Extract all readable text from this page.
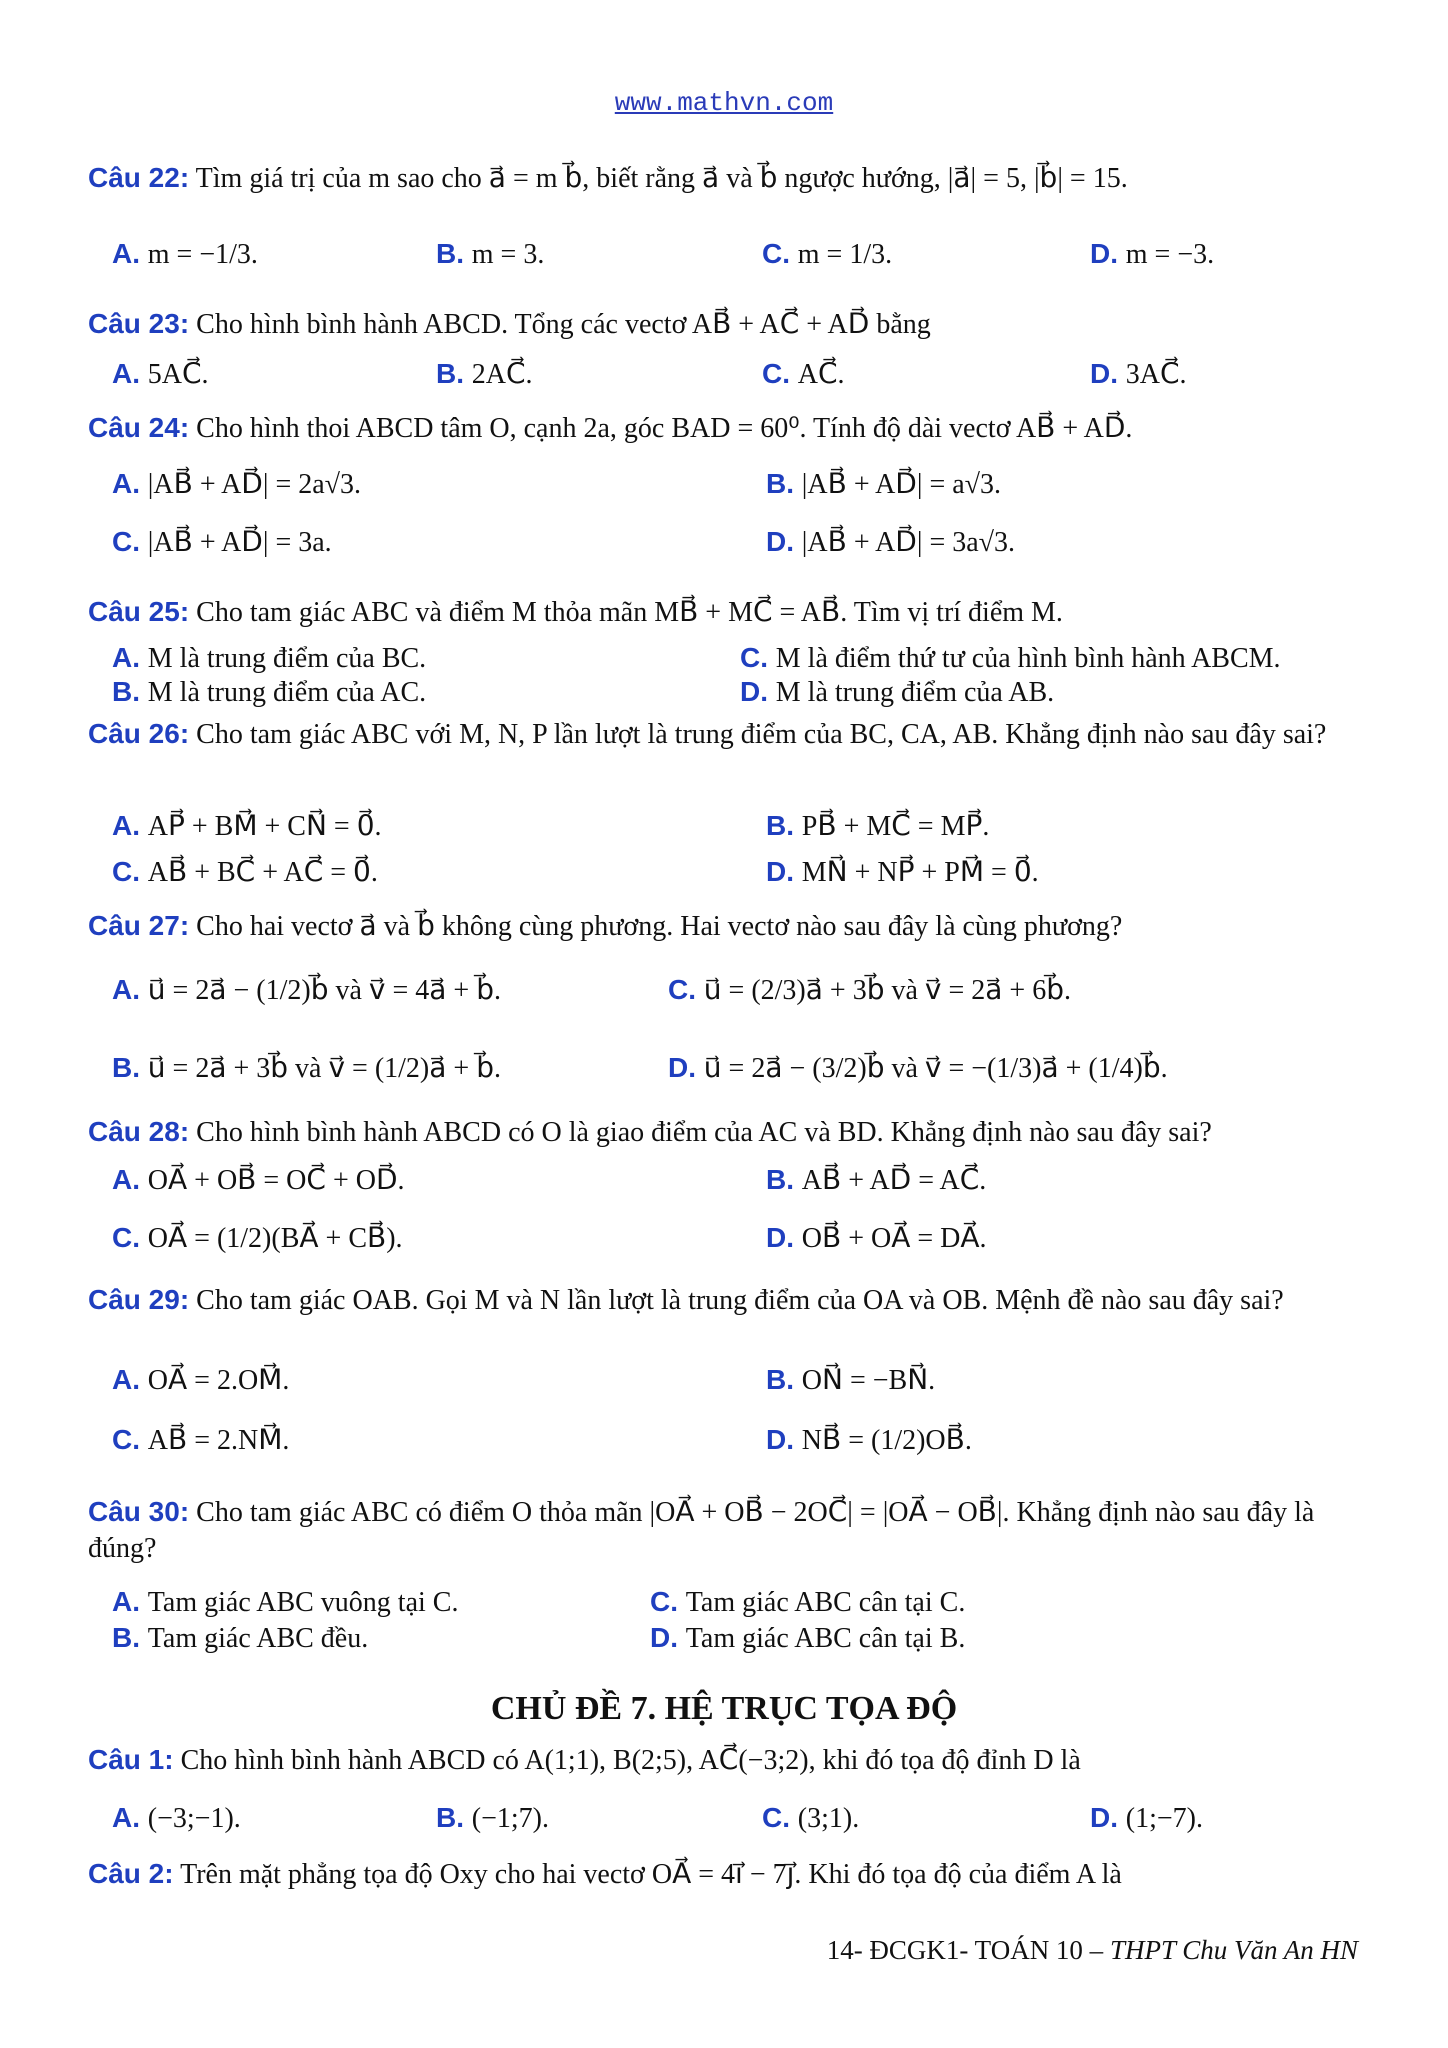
www.mathvn.com
Câu 22: Tìm giá trị của m sao cho a⃗ = m b⃗, biết rằng a⃗ và b⃗ ngược hướng, |a⃗| = 5, |b⃗| = 15.
A. m = −1/3.	B. m = 3.	C. m = 1/3.	D. m = −3.
Câu 23: Cho hình bình hành ABCD. Tổng các vectơ AB⃗ + AC⃗ + AD⃗ bằng
A. 5AC⃗.	B. 2AC⃗.	C. AC⃗.	D. 3AC⃗.
Câu 24: Cho hình thoi ABCD tâm O, cạnh 2a, góc BAD = 60⁰. Tính độ dài vectơ AB⃗ + AD⃗.
A. |AB⃗ + AD⃗| = 2a√3.	B. |AB⃗ + AD⃗| = a√3.
C. |AB⃗ + AD⃗| = 3a.	D. |AB⃗ + AD⃗| = 3a√3.
Câu 25: Cho tam giác ABC và điểm M thỏa mãn MB⃗ + MC⃗ = AB⃗. Tìm vị trí điểm M.
A. M là trung điểm của BC.	C. M là điểm thứ tư của hình bình hành ABCM.
B. M là trung điểm của AC.	D. M là trung điểm của AB.
Câu 26: Cho tam giác ABC với M, N, P lần lượt là trung điểm của BC, CA, AB. Khẳng định nào sau đây sai?
A. AP⃗ + BM⃗ + CN⃗ = 0⃗.	B. PB⃗ + MC⃗ = MP⃗.
C. AB⃗ + BC⃗ + AC⃗ = 0⃗.	D. MN⃗ + NP⃗ + PM⃗ = 0⃗.
Câu 27: Cho hai vectơ a⃗ và b⃗ không cùng phương. Hai vectơ nào sau đây là cùng phương?
A. u⃗ = 2a⃗ − (1/2)b⃗ và v⃗ = 4a⃗ + b⃗.	C. u⃗ = (2/3)a⃗ + 3b⃗ và v⃗ = 2a⃗ + 6b⃗.
B. u⃗ = 2a⃗ + 3b⃗ và v⃗ = (1/2)a⃗ + b⃗.	D. u⃗ = 2a⃗ − (3/2)b⃗ và v⃗ = −(1/3)a⃗ + (1/4)b⃗.
Câu 28: Cho hình bình hành ABCD có O là giao điểm của AC và BD. Khẳng định nào sau đây sai?
A. OA⃗ + OB⃗ = OC⃗ + OD⃗.	B. AB⃗ + AD⃗ = AC⃗.
C. OA⃗ = (1/2)(BA⃗ + CB⃗).	D. OB⃗ + OA⃗ = DA⃗.
Câu 29: Cho tam giác OAB. Gọi M và N lần lượt là trung điểm của OA và OB. Mệnh đề nào sau đây sai?
A. OA⃗ = 2.OM⃗.	B. ON⃗ = −BN⃗.
C. AB⃗ = 2.NM⃗.	D. NB⃗ = (1/2)OB⃗.
Câu 30: Cho tam giác ABC có điểm O thỏa mãn |OA⃗ + OB⃗ − 2OC⃗| = |OA⃗ − OB⃗|. Khẳng định nào sau đây là đúng?
A. Tam giác ABC vuông tại C.	C. Tam giác ABC cân tại C.
B. Tam giác ABC đều.	D. Tam giác ABC cân tại B.
CHỦ ĐỀ 7. HỆ TRỤC TỌA ĐỘ
Câu 1: Cho hình bình hành ABCD có A(1;1), B(2;5), AC⃗(−3;2), khi đó tọa độ đỉnh D là
A. (−3;−1).	B. (−1;7).	C. (3;1).	D. (1;−7).
Câu 2: Trên mặt phẳng tọa độ Oxy cho hai vectơ OA⃗ = 4i⃗ − 7j⃗. Khi đó tọa độ của điểm A là
14- ĐCGK1- TOÁN 10 – THPT Chu Văn An HN
